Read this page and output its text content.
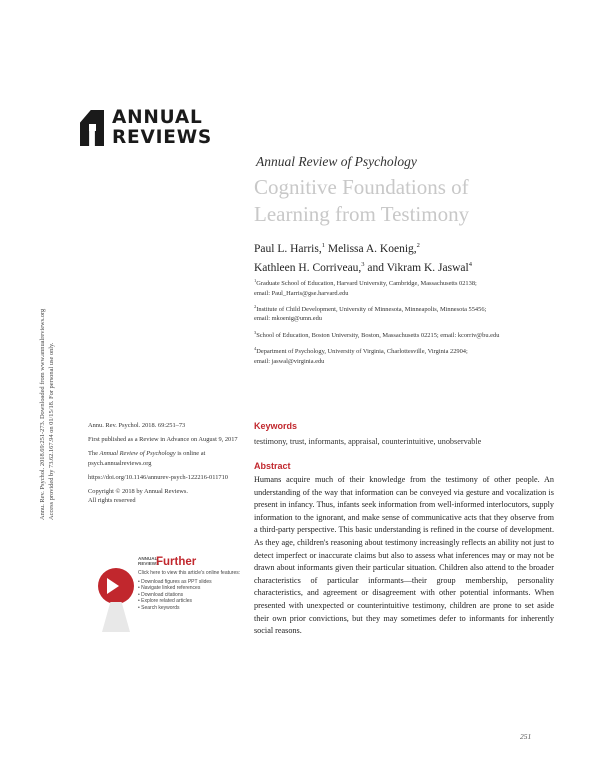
ANNUAL
REVIEWS
Annual Review of Psychology
Cognitive Foundations of
Learning from Testimony
Paul L. Harris,$^1$ Melissa A. Koenig,$^2$
Kathleen H. Corriveau,$^3$ and Vikram K. Jaswal$^4$

$^1$Graduate School of Education, Harvard University, Cambridge, Massachusetts 02138;
email: Paul_Harris@gse.harvard.edu

$^2$Institute of Child Development, University of Minnesota, Minneapolis, Minnesota 55456;
email: mkoenig@umn.edu

$^3$School of Education, Boston University, Boston, Massachusetts 02215; email: kcorriv@bu.edu

$^4$Department of Psychology, University of Virginia, Charlottesville, Virginia 22904;
email: jaswal@virginia.edu

Annu. Rev. Psychol. 2018.69:251-273. Downloaded from www.annualreviews.org Access provided by 73.62.167.94 on 01/15/18. For personal use only.	Annu. Rev. Psychol. 2018. 69:251–73

First published as a Review in Advance on August 9, 2017

The Annual Review of Psychology is online at psych.annualreviews.org

https://doi.org/10.1146/annurev-psych-122216-011710

Copyright © 2018 by Annual Reviews.
All rights reserved

Keywords
testimony, trust, informants, appraisal, counterintuitive, unobservable
Abstract
Humans acquire much of their knowledge from the testimony of other people. An understanding of the way that information can be conveyed via gesture and vocalization is present in infancy. Thus, infants seek information from well-informed interlocutors, supply information to the ignorant, and make sense of communicative acts that they observe from a third-party perspective. This basic understanding is refined in the course of development. As they age, children's reasoning about testimony increasingly reflects an ability not just to detect imperfect or inaccurate claims but also to assess what inferences may or may not be drawn about informants given their particular situation. Children also attend to the broader characteristics of particular informants—their group membership, personality characteristics, and agreement or disagreement with other potential informants. When presented with unexpected or counterintuitive testimony, children are prone to set aside their own prior convictions, but they may sometimes defer to informants for inherently social reasons.
ANNUAL
REVIEWS
Further
Click here to view this article's online features:
• Download figures as PPT slides
• Navigate linked references
• Download citations
• Explore related articles
• Search keywords
251
